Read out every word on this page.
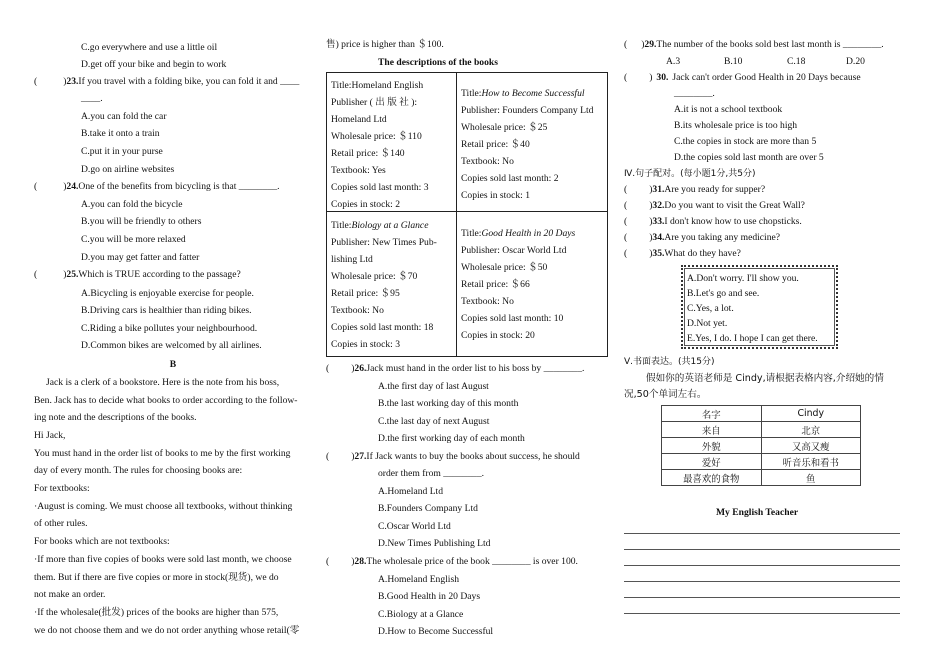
C.go everywhere and use a little oil
D.get off your bike and begin to work
(	)23.If you travel with a folding bike, you can fold it and ____
____.
A.you can fold the car
B.take it onto a train
C.put it in your purse
D.go on airline websites
(	)24.One of the benefits from bicycling is that ________.
A.you can fold the bicycle
B.you will be friendly to others
C.you will be more relaxed
D.you may get fatter and fatter
(	)25.Which is TRUE according to the passage?
A.Bicycling is enjoyable exercise for people.
B.Driving cars is healthier than riding bikes.
C.Riding a bike pollutes your neighbourhood.
D.Common bikes are welcomed by all airlines.
B
Jack is a clerk of a bookstore. Here is the note from his boss,
Ben. Jack has to decide what books to order according to the follow-
ing note and the descriptions of the books.
Hi Jack,
You must hand in the order list of books to me by the first working
day of every month. The rules for choosing books are:
For textbooks:
·August is coming. We must choose all textbooks, without thinking
of other rules.
For books which are not textbooks:
·If more than five copies of books were sold last month, we choose
them. But if there are five copies or more in stock(现货), we do
not make an order.
·If the wholesale(批发) prices of the books are higher than 575,
we do not choose them and we do not order anything whose retail(零
售) price is higher than ＄100.
The descriptions of the books
Title:Homeland English
Publisher ( 出 版 社 ):
Homeland Ltd
Wholesale price: ＄110
Retail price: ＄140
Textbook: Yes
Copies sold last month: 3
Copies in stock: 2
Title:How to Become Successful
Publisher: Founders Company Ltd
Wholesale price: ＄25
Retail price: ＄40
Textbook: No
Copies sold last month: 2
Copies in stock: 1
Title:Biology at a Glance
Publisher: New Times Pub-
lishing Ltd
Wholesale price: ＄70
Retail price: ＄95
Textbook: No
Copies sold last month: 18
Copies in stock: 3
Title:Good Health in 20 Days
Publisher: Oscar World Ltd
Wholesale price: ＄50
Retail price: ＄66
Textbook: No
Copies sold last month: 10
Copies in stock: 20
( )26.Jack must hand in the order list to his boss by ________.
A.the first day of last August
B.the last working day of this month
C.the last day of next August
D.the first working day of each month
( )27.If Jack wants to buy the books about success, he should
order them from ________.
A.Homeland Ltd
B.Founders Company Ltd
C.Oscar World Ltd
D.New Times Publishing Ltd
( )28.The wholesale price of the book ________ is over 100.
A.Homeland English
B.Good Health in 20 Days
C.Biology at a Glance
D.How to Become Successful
( )29.The number of the books sold best last month is ________.
A.3	B.10	C.18	D.20
( ) 30. Jack can't order Good Health in 20 Days because
________.
A.it is not a school textbook
B.its wholesale price is too high
C.the copies in stock are more than 5
D.the copies sold last month are over 5
Ⅳ.句子配对。(每小题1分,共5分)
( )31.Are you ready for supper?
( )32.Do you want to visit the Great Wall?
( )33.I don't know how to use chopsticks.
( )34.Are you taking any medicine?
( )35.What do they have?
A.Don't worry. I'll show you.
B.Let's go and see.
C.Yes, a lot.
D.Not yet.
E.Yes, I do. I hope I can get there.
Ⅴ.书面表达。(共15分)
假如你的英语老师是 Cindy,请根据表格内容,介绍她的情
况,50个单词左右。
名字	Cindy
来自	北京
外貌	又高又瘦
爱好	听音乐和看书
最喜欢的食物	鱼
My English Teacher
